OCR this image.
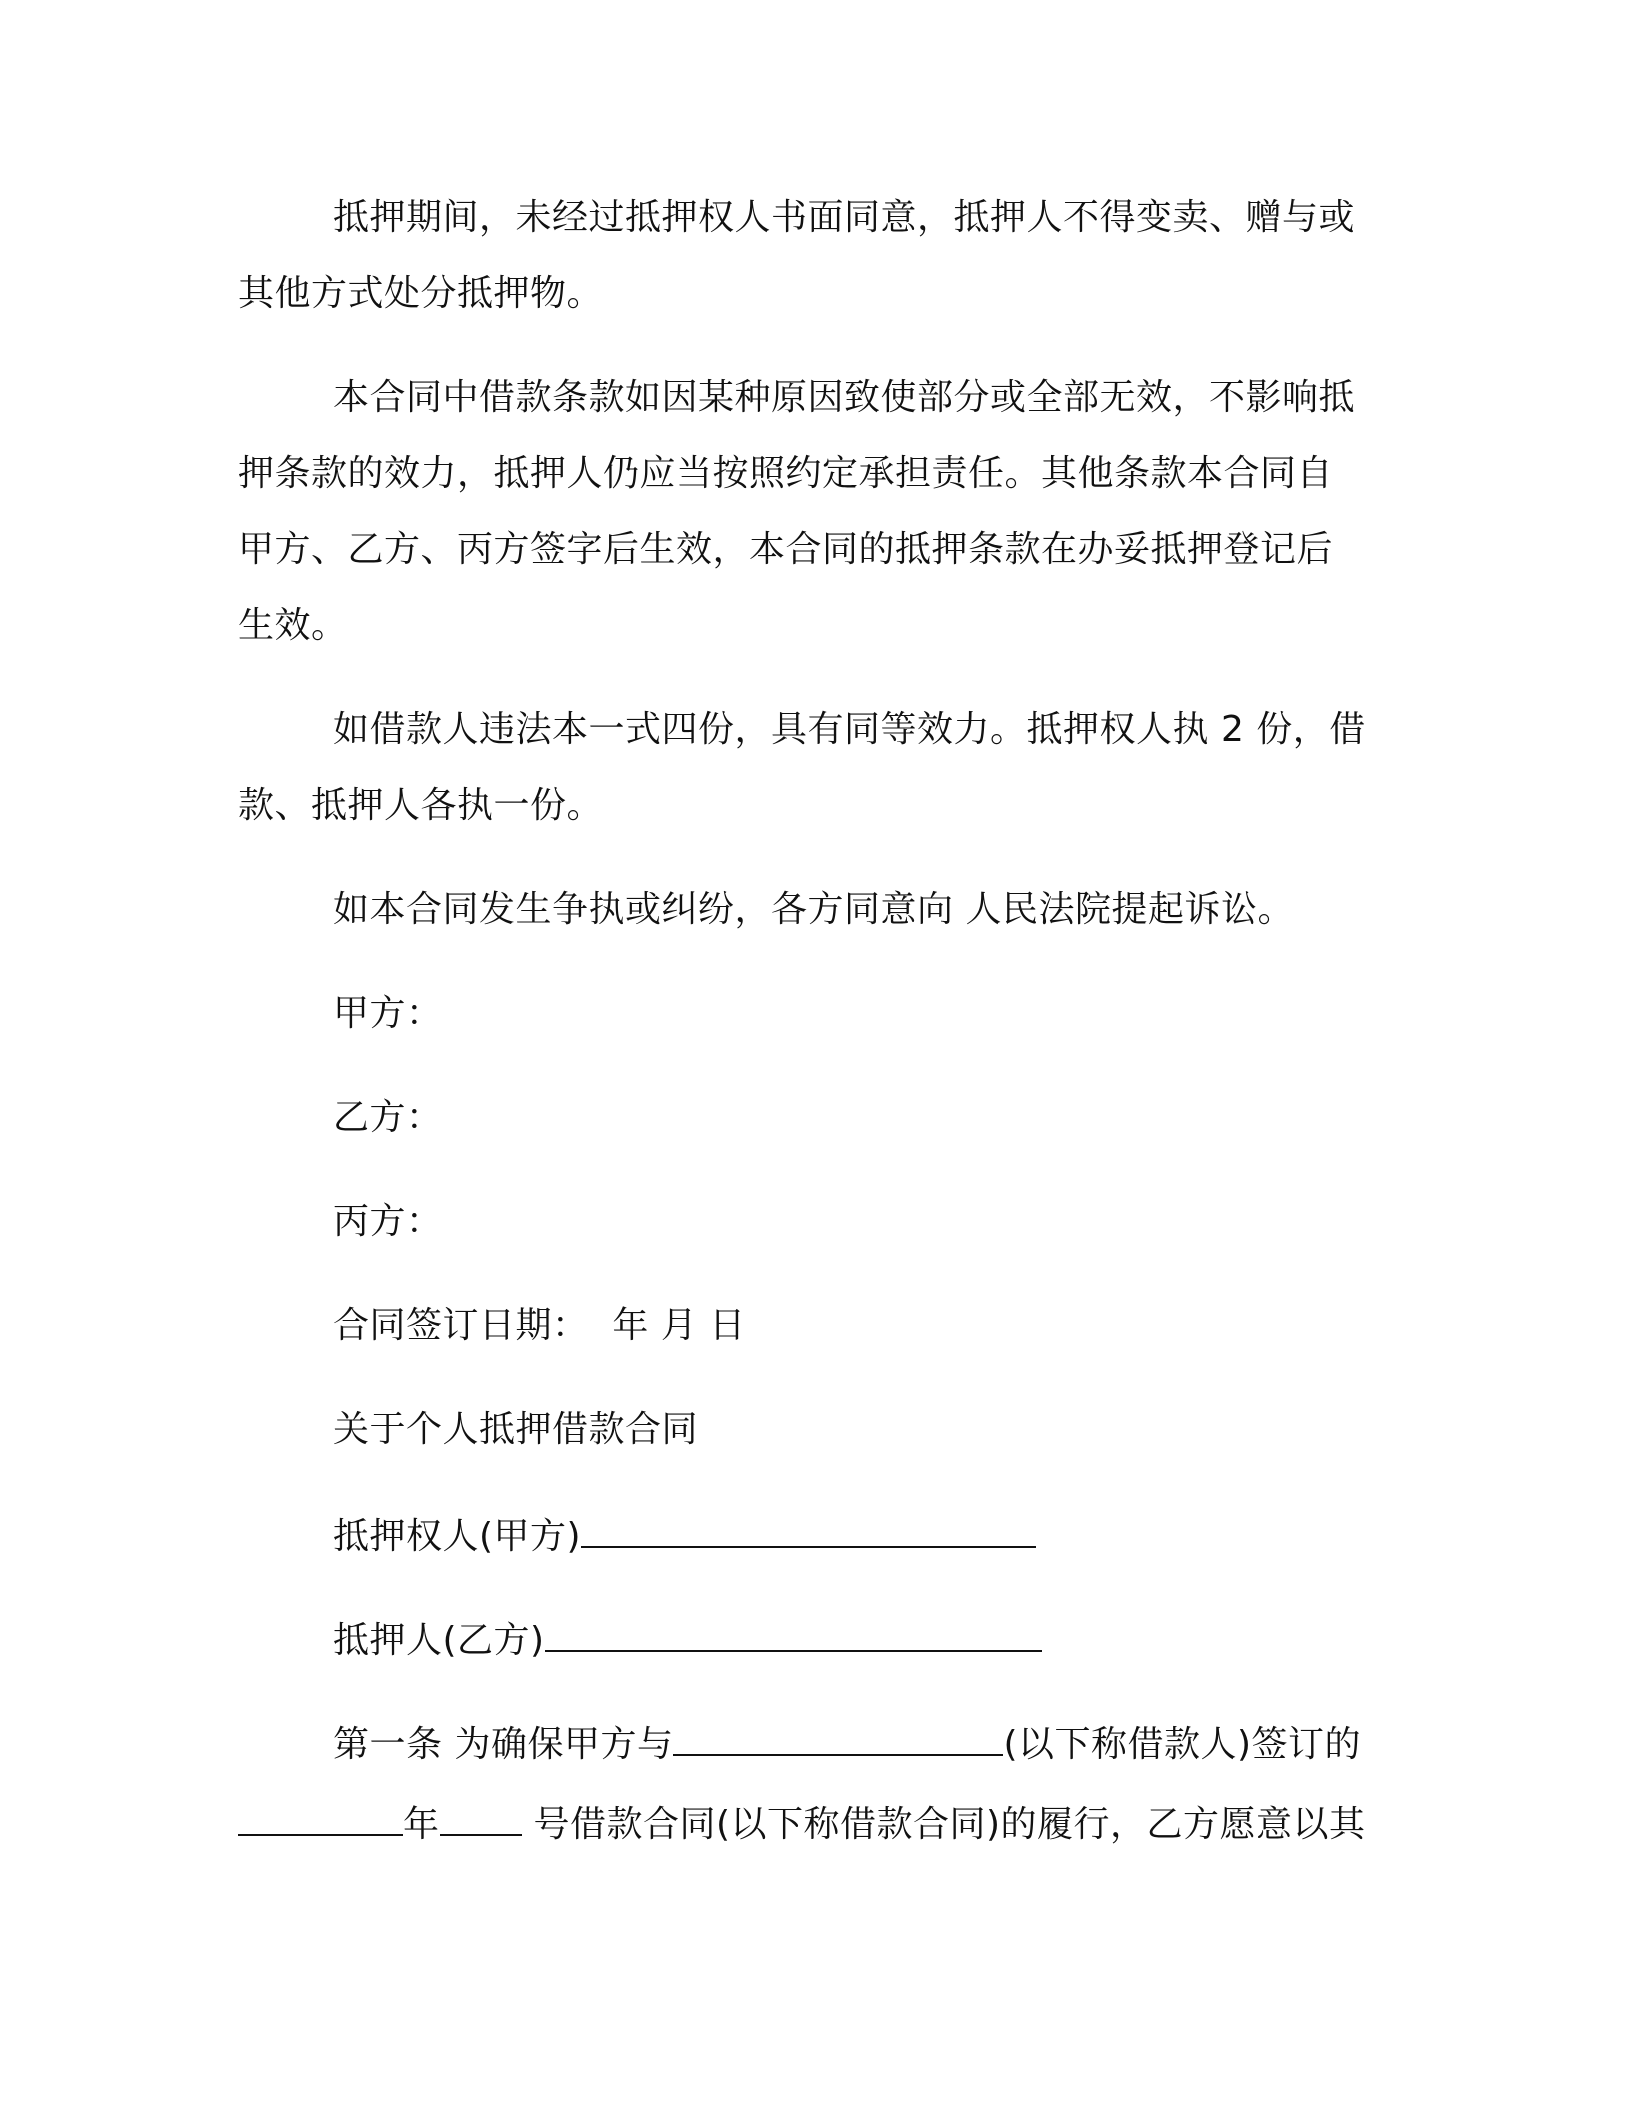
抵押期间，未经过抵押权人书面同意，抵押人不得变卖、赠与或
其他方式处分抵押物。
本合同中借款条款如因某种原因致使部分或全部无效，不影响抵
押条款的效力，抵押人仍应当按照约定承担责任。其他条款本合同自
甲方、乙方、丙方签字后生效，本合同的抵押条款在办妥抵押登记后
生效。
如借款人违法本一式四份，具有同等效力。抵押权人执 2 份，借
款、抵押人各执一份。
如本合同发生争执或纠纷，各方同意向 人民法院提起诉讼。
甲方：
乙方：
丙方：
合同签订日期：  年 月 日
关于个人抵押借款合同
抵押权人(甲方)
抵押人(乙方)
第一条 为确保甲方与	(以下称借款人)签订的
年 号借款合同(以下称借款合同)的履行，乙方愿意以其
